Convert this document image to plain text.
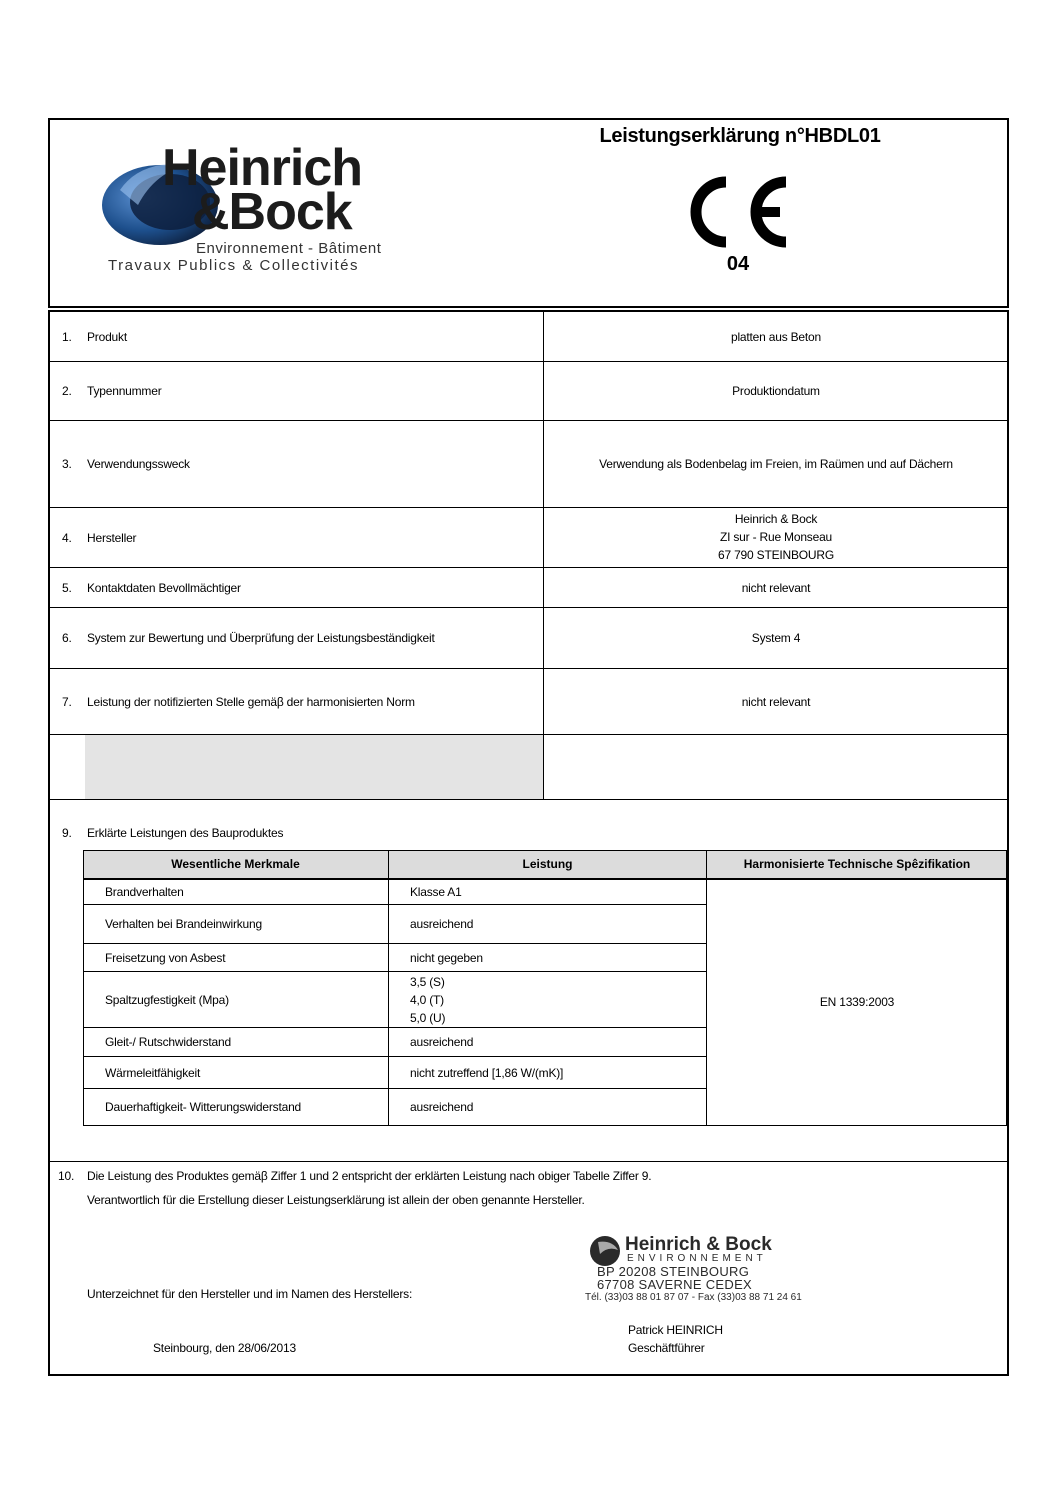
Heinrich
&Bock
Environnement - Bâtiment
Travaux Publics & Collectivités
Leistungserklärung n°HBDL01
04
1. Produkt	platten aus Beton
2. Typennummer	Produktiondatum
3. Verwendungssweck	Verwendung als Bodenbelag im Freien, im Raümen und auf Dächern
4. Hersteller
Heinrich & Bock
ZI sur - Rue Monseau
67 790 STEINBOURG
5. Kontaktdaten Bevollmächtiger	nicht relevant
6. System zur Bewertung und Überprüfung der Leistungsbeständigkeit	System 4
7. Leistung der notifizierten Stelle gemäβ der harmonisierten Norm	nicht relevant
9. Erklärte Leistungen des Bauproduktes
Wesentliche Merkmale	Leistung	Harmonisierte Technische Spêzifikation
Brandverhalten	Klasse A1
Verhalten bei Brandeinwirkung	ausreichend
Freisetzung von Asbest	nicht gegeben
Spaltzugfestigkeit (Mpa)
3,5 (S)
4,0 (T)
5,0 (U)
Gleit-/ Rutschwiderstand	ausreichend
Wärmeleitfähigkeit	nicht zutreffend [1,86 W/(mK)]
Dauerhaftigkeit- Witterungswiderstand	ausreichend
EN 1339:2003
10. Die Leistung des Produktes gemäβ Ziffer 1 und 2 entspricht der erklärten Leistung nach obiger Tabelle Ziffer 9.
Verantwortlich für die Erstellung dieser Leistungserklärung ist allein der oben genannte Hersteller.
Unterzeichnet für den Hersteller und im Namen des Herstellers:
Steinbourg, den 28/06/2013
Heinrich & Bock
ENVIRONNEMENT
BP 20208 STEINBOURG
67708 SAVERNE CEDEX
Tél. (33)03 88 01 87 07 - Fax (33)03 88 71 24 61
Patrick HEINRICH
Geschäftführer
